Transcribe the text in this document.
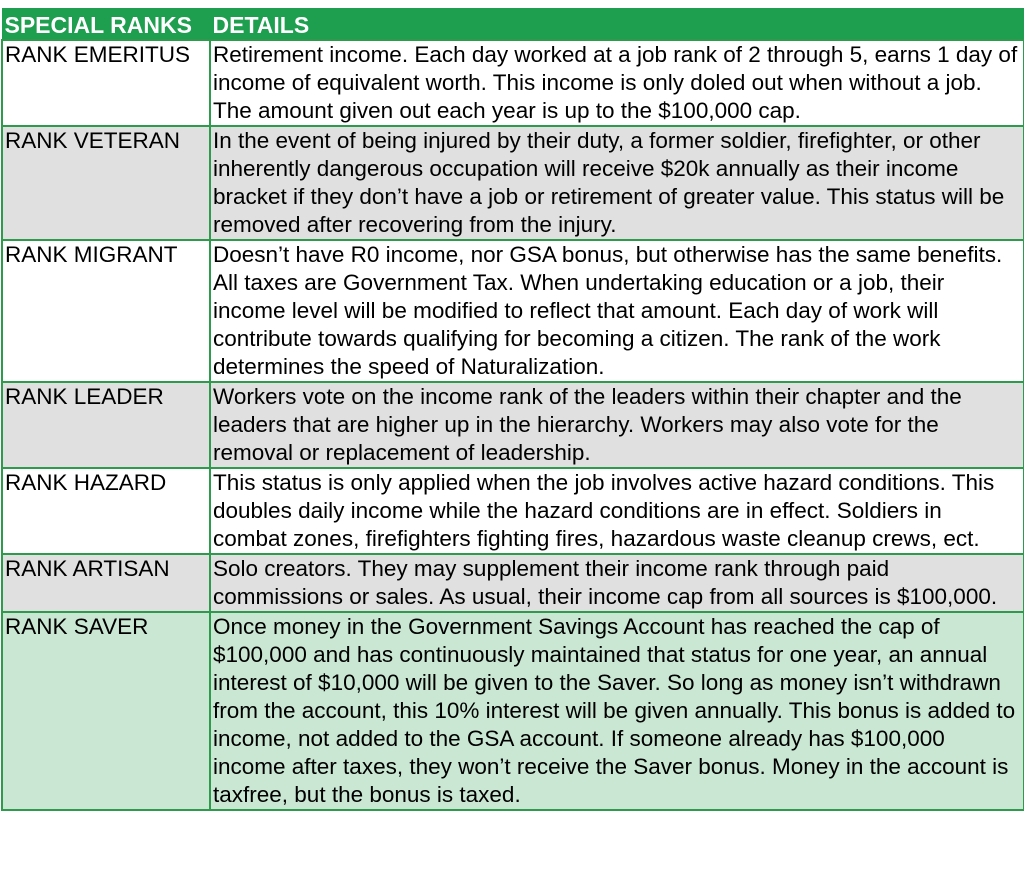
SPECIAL RANKS	DETAILS
RANK EMERITUS	Retirement income. Each day worked at a job rank of 2 through 5, earns 1 day of income of equivalent worth. This income is only doled out when without a job. The amount given out each year is up to the $100,000 cap.
RANK VETERAN	In the event of being injured by their duty, a former soldier, firefighter, or other inherently dangerous occupation will receive $20k annually as their income bracket if they don’t have a job or retirement of greater value. This status will be removed after recovering from the injury.
RANK MIGRANT	Doesn’t have R0 income, nor GSA bonus, but otherwise has the same benefits. All taxes are Government Tax. When undertaking education or a job, their income level will be modified to reflect that amount. Each day of work will contribute towards qualifying for becoming a citizen. The rank of the work determines the speed of Naturalization.
RANK LEADER	Workers vote on the income rank of the leaders within their chapter and the leaders that are higher up in the hierarchy. Workers may also vote for the removal or replacement of leadership.
RANK HAZARD	This status is only applied when the job involves active hazard conditions. This doubles daily income while the hazard conditions are in effect. Soldiers in combat zones, firefighters fighting fires, hazardous waste cleanup crews, ect.
RANK ARTISAN	Solo creators. They may supplement their income rank through paid commissions or sales. As usual, their income cap from all sources is $100,000.
RANK SAVER	Once money in the Government Savings Account has reached the cap of $100,000 and has continuously maintained that status for one year, an annual interest of $10,000 will be given to the Saver. So long as money isn’t withdrawn from the account, this 10% interest will be given annually. This bonus is added to income, not added to the GSA account. If someone already has $100,000 income after taxes, they won’t receive the Saver bonus. Money in the account is taxfree, but the bonus is taxed.
